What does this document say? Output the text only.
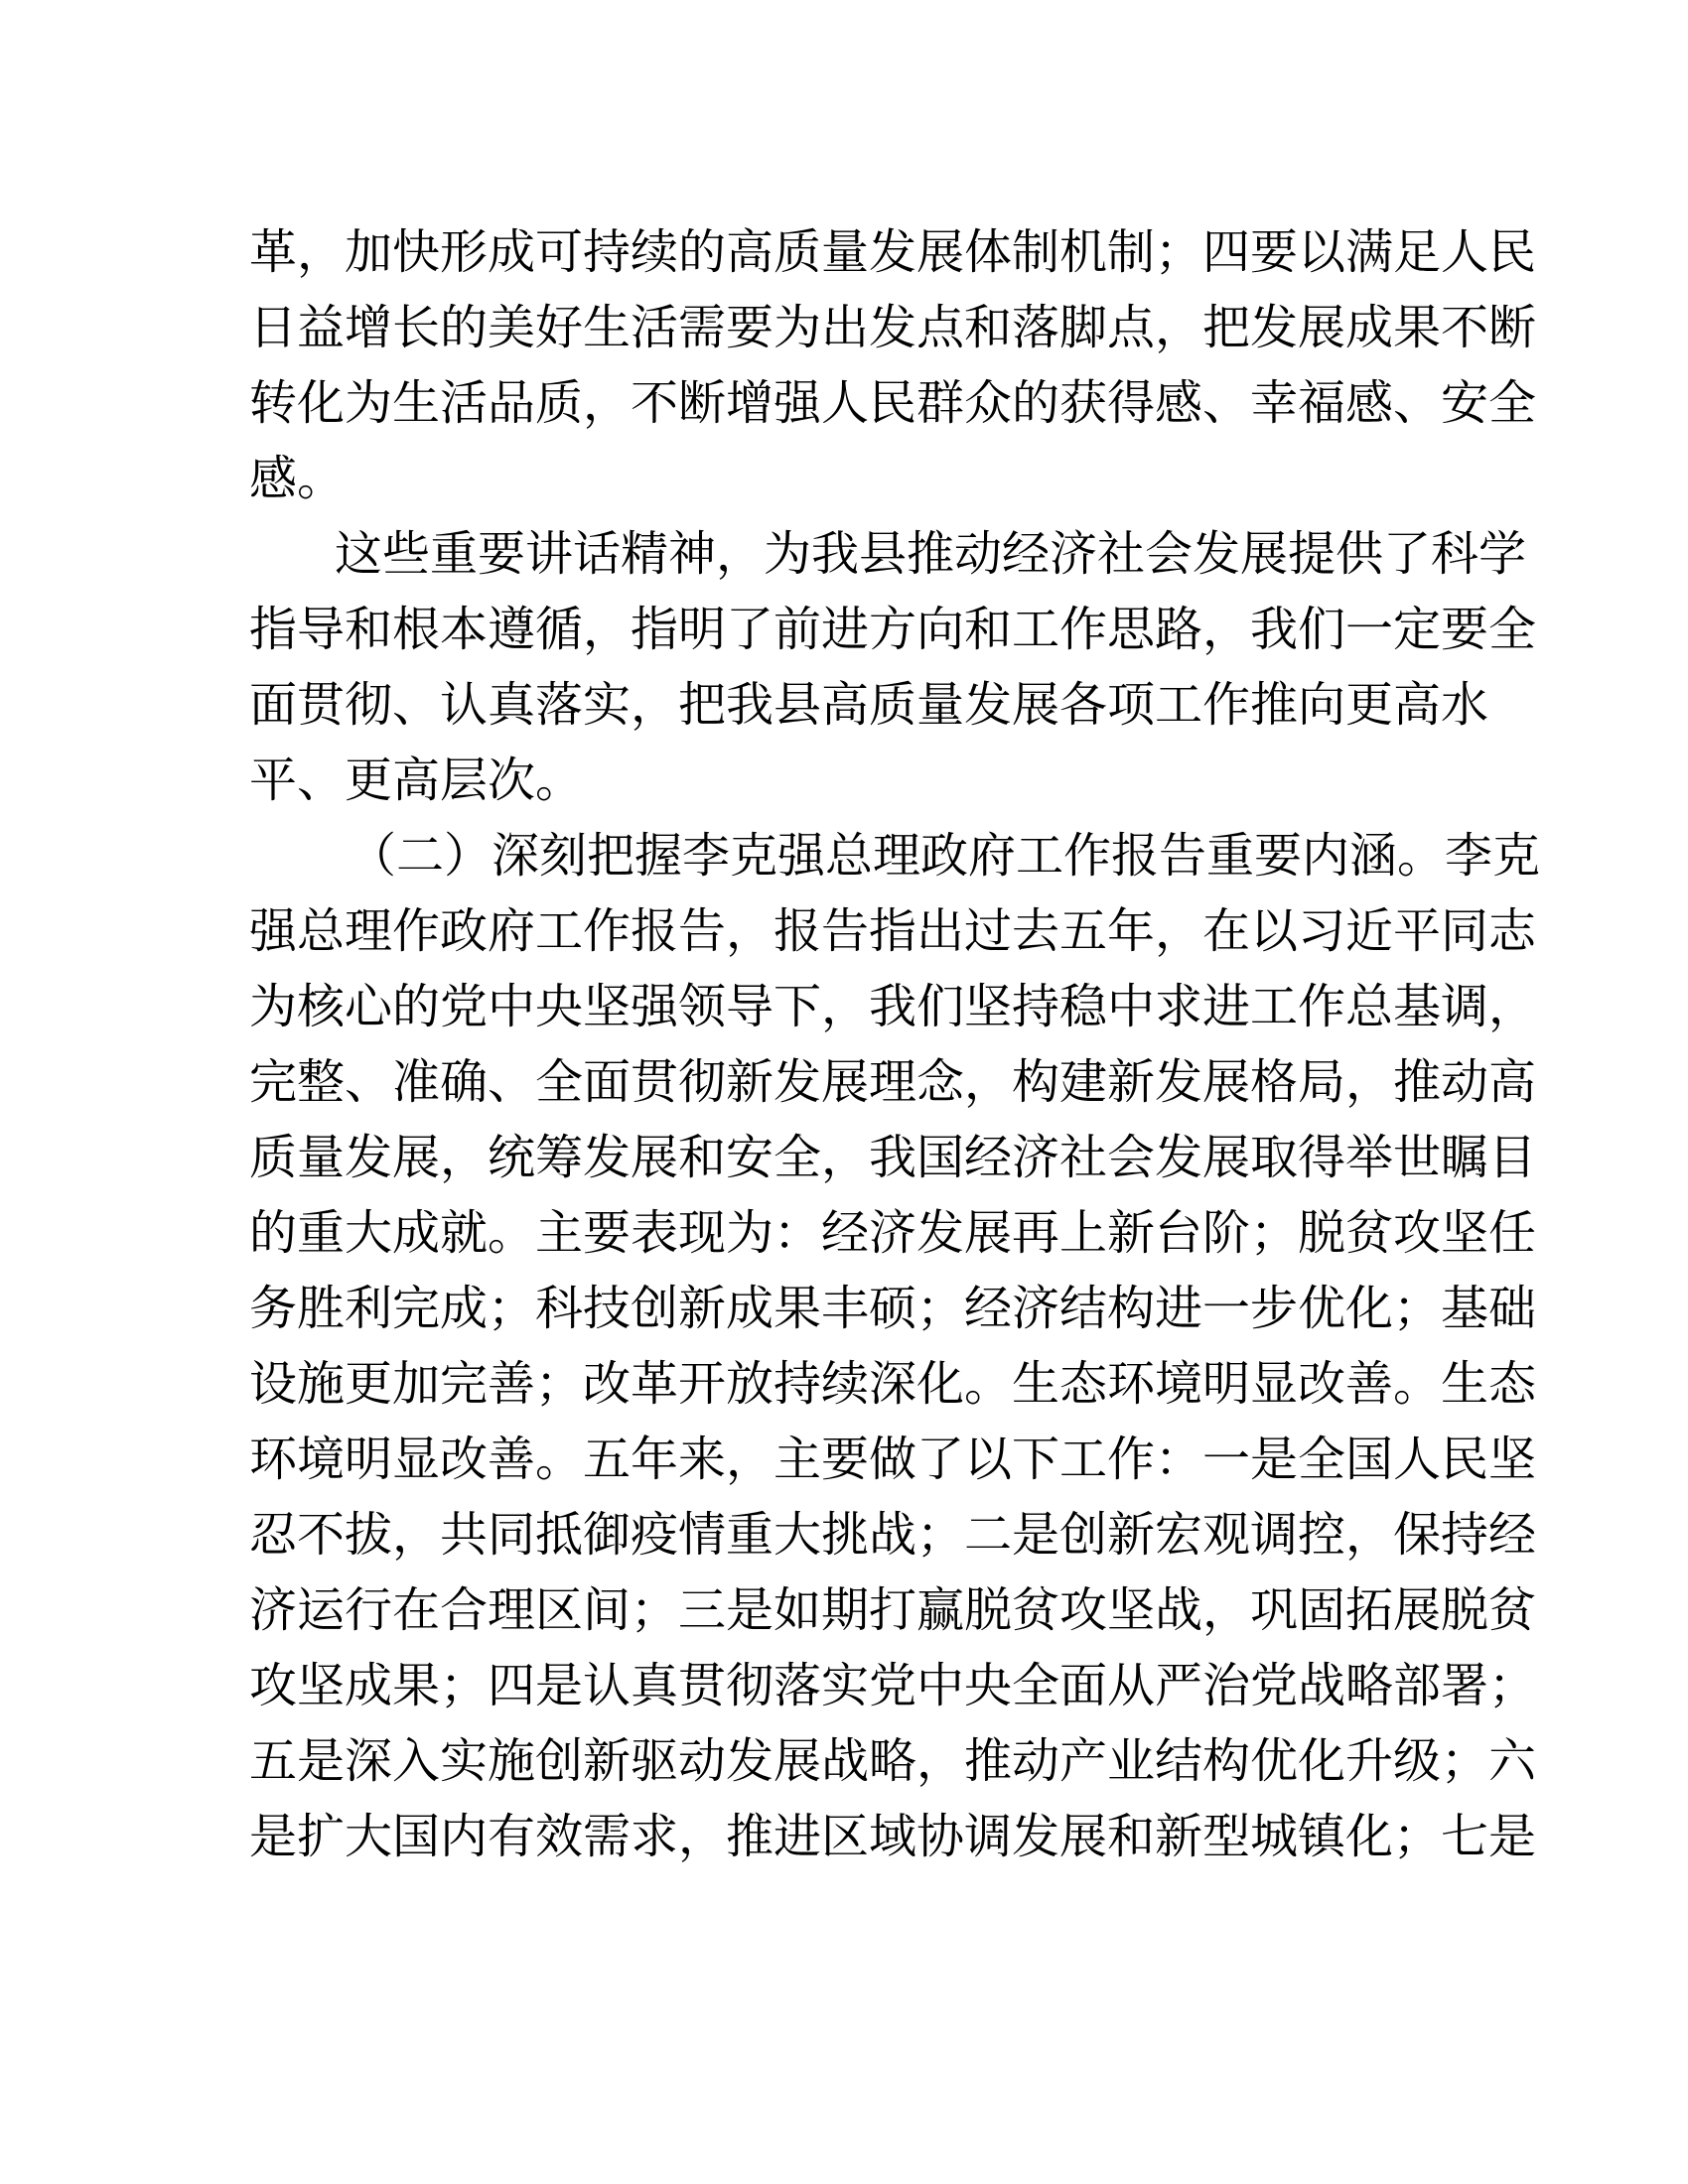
革，加快形成可持续的高质量发展体制机制；四要以满足人民
日益增长的美好生活需要为出发点和落脚点，把发展成果不断
转化为生活品质，不断增强人民群众的获得感、幸福感、安全
感。
这些重要讲话精神，为我县推动经济社会发展提供了科学
指导和根本遵循，指明了前进方向和工作思路，我们一定要全
面贯彻、认真落实，把我县高质量发展各项工作推向更高水
平、更高层次。
（二）深刻把握李克强总理政府工作报告重要内涵。李克
强总理作政府工作报告，报告指出过去五年，在以习近平同志
为核心的党中央坚强领导下，我们坚持稳中求进工作总基调，
完整、准确、全面贯彻新发展理念，构建新发展格局，推动高
质量发展，统筹发展和安全，我国经济社会发展取得举世瞩目
的重大成就。主要表现为：经济发展再上新台阶；脱贫攻坚任
务胜利完成；科技创新成果丰硕；经济结构进一步优化；基础
设施更加完善；改革开放持续深化。生态环境明显改善。生态
环境明显改善。五年来，主要做了以下工作：一是全国人民坚
忍不拔，共同抵御疫情重大挑战；二是创新宏观调控，保持经
济运行在合理区间；三是如期打赢脱贫攻坚战，巩固拓展脱贫
攻坚成果；四是认真贯彻落实党中央全面从严治党战略部署；
五是深入实施创新驱动发展战略，推动产业结构优化升级；六
是扩大国内有效需求，推进区域协调发展和新型城镇化；七是
